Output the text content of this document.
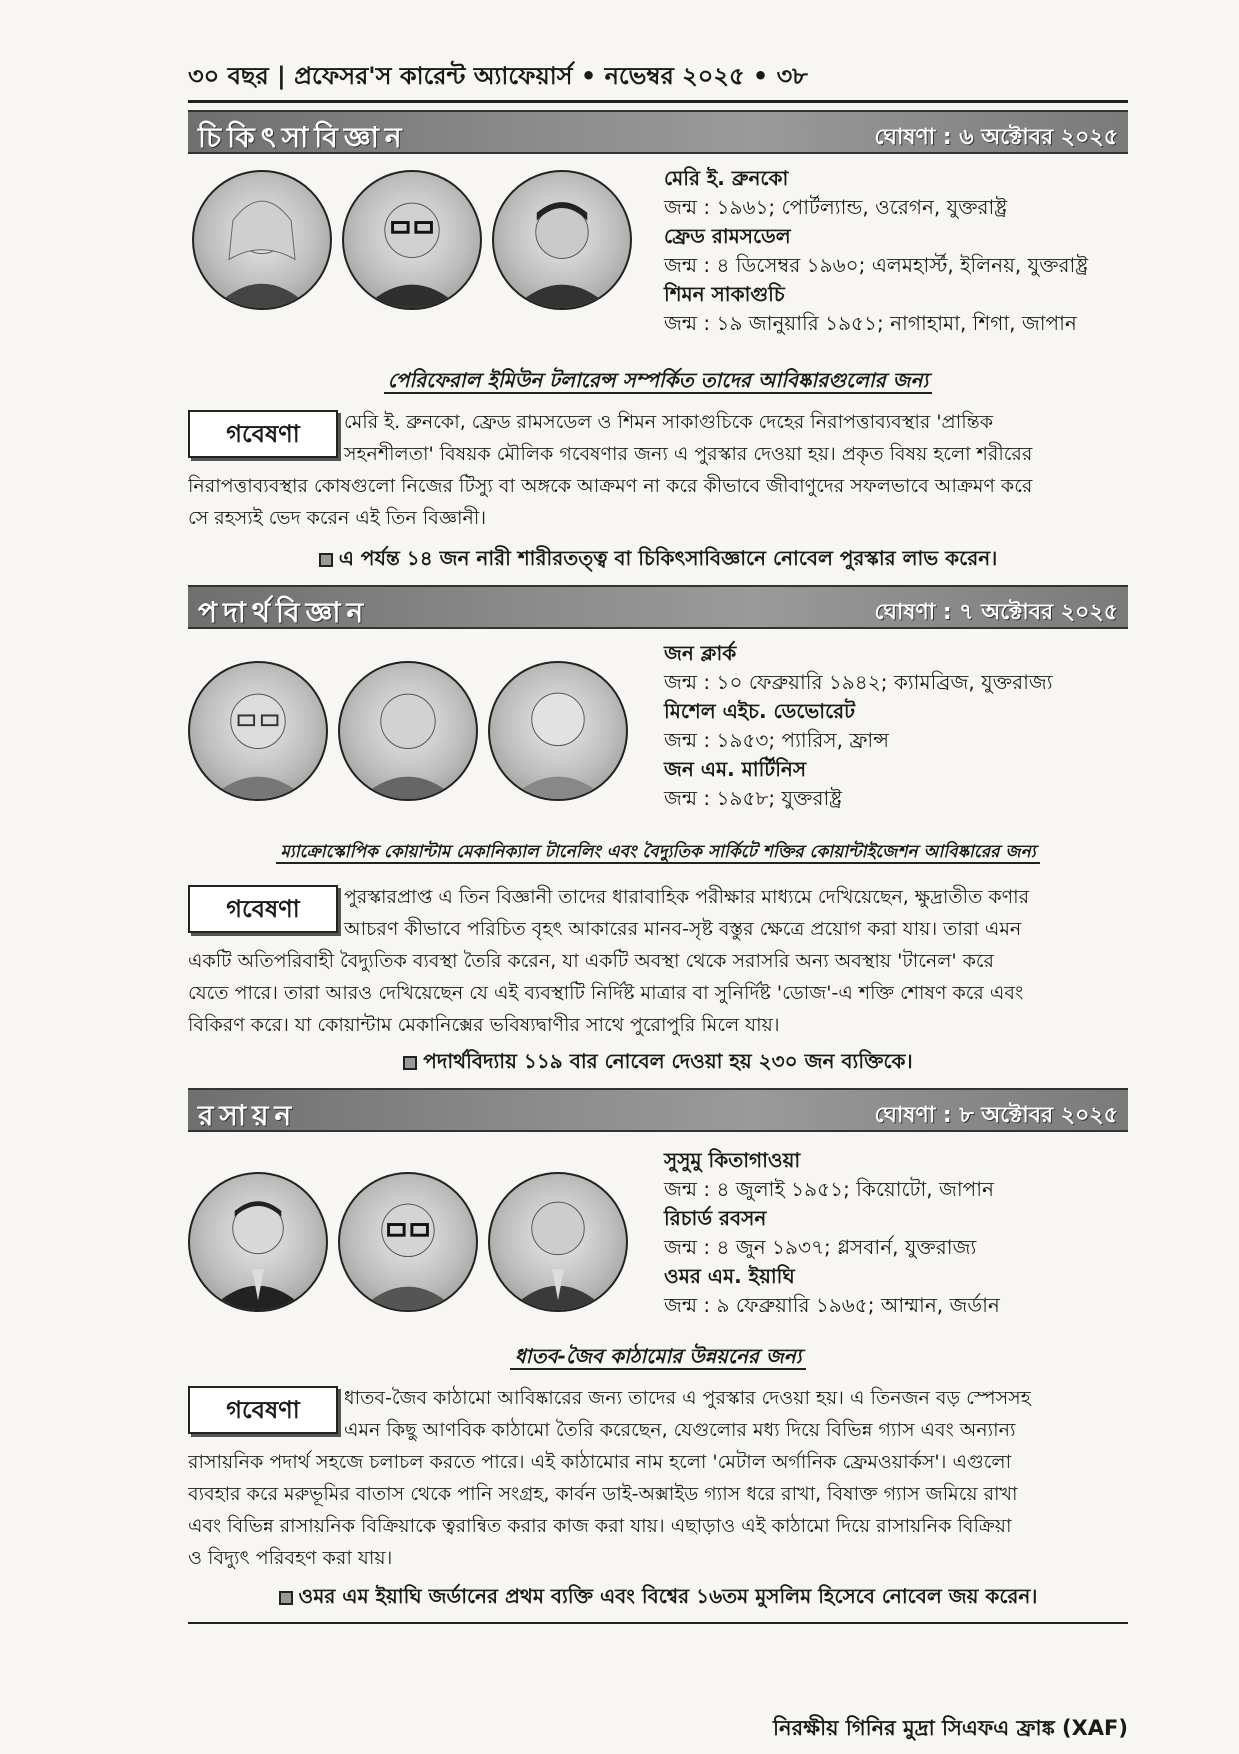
৩০ বছর | প্রফেসর'স কারেন্ট অ্যাফেয়ার্স • নভেম্বর ২০২৫ • ৩৮
চিকিৎসাবিজ্ঞান	ঘোষণা : ৬ অক্টোবর ২০২৫
মেরি ই. ব্রুনকো
জন্ম : ১৯৬১; পোর্টল্যান্ড, ওরেগন, যুক্তরাষ্ট্র
ফ্রেড রামসডেল
জন্ম : ৪ ডিসেম্বর ১৯৬০; এলমহার্স্ট, ইলিনয়, যুক্তরাষ্ট্র
শিমন সাকাগুচি
জন্ম : ১৯ জানুয়ারি ১৯৫১; নাগাহামা, শিগা, জাপান
পেরিফেরাল ইমিউন টলারেন্স সম্পর্কিত তাদের আবিষ্কারগুলোর জন্য
গবেষণা	মেরি ই. ব্রুনকো, ফ্রেড রামসডেল ও শিমন সাকাগুচিকে দেহের নিরাপত্তাব্যবস্থার 'প্রান্তিক
সহনশীলতা' বিষয়ক মৌলিক গবেষণার জন্য এ পুরস্কার দেওয়া হয়। প্রকৃত বিষয় হলো শরীরের
নিরাপত্তাব্যবস্থার কোষগুলো নিজের টিস্যু বা অঙ্গকে আক্রমণ না করে কীভাবে জীবাণুদের সফলভাবে আক্রমণ করে
সে রহস্যই ভেদ করেন এই তিন বিজ্ঞানী।
এ পর্যন্ত ১৪ জন নারী শারীরতত্ত্ব বা চিকিৎসাবিজ্ঞানে নোবেল পুরস্কার লাভ করেন।
পদার্থবিজ্ঞান	ঘোষণা : ৭ অক্টোবর ২০২৫
জন ক্লার্ক
জন্ম : ১০ ফেব্রুয়ারি ১৯৪২; ক্যামব্রিজ, যুক্তরাজ্য
মিশেল এইচ. ডেভোরেট
জন্ম : ১৯৫৩; প্যারিস, ফ্রান্স
জন এম. মার্টিনিস
জন্ম : ১৯৫৮; যুক্তরাষ্ট্র
ম্যাক্রোস্কোপিক কোয়ান্টাম মেকানিক্যাল টানেলিং এবং বৈদ্যুতিক সার্কিটে শক্তির কোয়ান্টাইজেশন আবিষ্কারের জন্য
গবেষণা	পুরস্কারপ্রাপ্ত এ তিন বিজ্ঞানী তাদের ধারাবাহিক পরীক্ষার মাধ্যমে দেখিয়েছেন, ক্ষুদ্রাতীত কণার
আচরণ কীভাবে পরিচিত বৃহৎ আকারের মানব-সৃষ্ট বস্তুর ক্ষেত্রে প্রয়োগ করা যায়। তারা এমন
একটি অতিপরিবাহী বৈদ্যুতিক ব্যবস্থা তৈরি করেন, যা একটি অবস্থা থেকে সরাসরি অন্য অবস্থায় 'টানেল' করে
যেতে পারে। তারা আরও দেখিয়েছেন যে এই ব্যবস্থাটি নির্দিষ্ট মাত্রার বা সুনির্দিষ্ট 'ডোজ'-এ শক্তি শোষণ করে এবং
বিকিরণ করে। যা কোয়ান্টাম মেকানিক্সের ভবিষ্যদ্বাণীর সাথে পুরোপুরি মিলে যায়।
পদার্থবিদ্যায় ১১৯ বার নোবেল দেওয়া হয় ২৩০ জন ব্যক্তিকে।
রসায়ন	ঘোষণা : ৮ অক্টোবর ২০২৫
সুসুমু কিতাগাওয়া
জন্ম : ৪ জুলাই ১৯৫১; কিয়োটো, জাপান
রিচার্ড রবসন
জন্ম : ৪ জুন ১৯৩৭; গ্লসবার্ন, যুক্তরাজ্য
ওমর এম. ইয়াঘি
জন্ম : ৯ ফেব্রুয়ারি ১৯৬৫; আম্মান, জর্ডান
ধাতব-জৈব কাঠামোর উন্নয়নের জন্য
গবেষণা	ধাতব-জৈব কাঠামো আবিষ্কারের জন্য তাদের এ পুরস্কার দেওয়া হয়। এ তিনজন বড় স্পেসসহ
এমন কিছু আণবিক কাঠামো তৈরি করেছেন, যেগুলোর মধ্য দিয়ে বিভিন্ন গ্যাস এবং অন্যান্য
রাসায়নিক পদার্থ সহজে চলাচল করতে পারে। এই কাঠামোর নাম হলো 'মেটাল অর্গানিক ফ্রেমওয়ার্কস'। এগুলো
ব্যবহার করে মরুভূমির বাতাস থেকে পানি সংগ্রহ, কার্বন ডাই-অক্সাইড গ্যাস ধরে রাখা, বিষাক্ত গ্যাস জমিয়ে রাখা
এবং বিভিন্ন রাসায়নিক বিক্রিয়াকে ত্বরান্বিত করার কাজ করা যায়। এছাড়াও এই কাঠামো দিয়ে রাসায়নিক বিক্রিয়া
ও বিদ্যুৎ পরিবহণ করা যায়।
ওমর এম ইয়াঘি জর্ডানের প্রথম ব্যক্তি এবং বিশ্বের ১৬তম মুসলিম হিসেবে নোবেল জয় করেন।
নিরক্ষীয় গিনির মুদ্রা সিএফএ ফ্রাঙ্ক (XAF)
